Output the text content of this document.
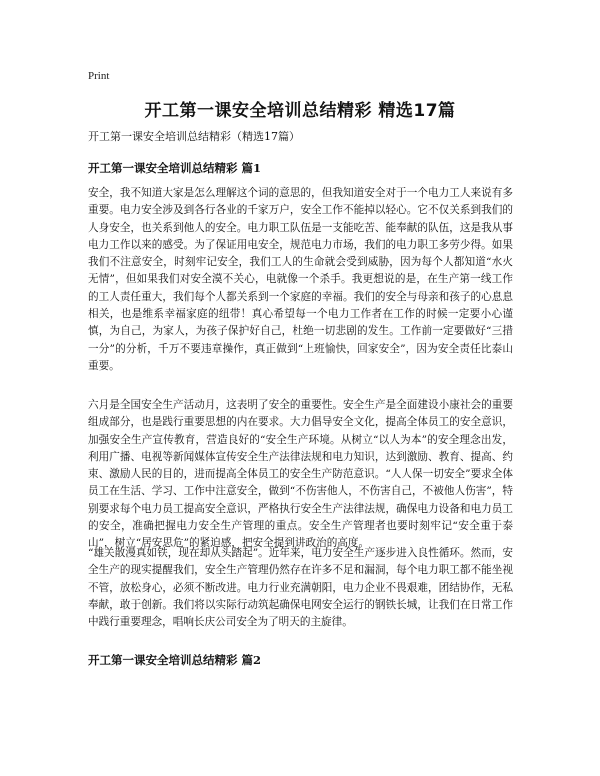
Print
开工第一课安全培训总结精彩 精选17篇
开工第一课安全培训总结精彩（精选17篇）
开工第一课安全培训总结精彩 篇1
安全，我不知道大家是怎么理解这个词的意思的，但我知道安全对于一个电力工人来说有多重要。电力安全涉及到各行各业的千家万户，安全工作不能掉以轻心。它不仅关系到我们的人身安全，也关系到他人的安全。电力职工队伍是一支能吃苦、能奉献的队伍，这是我从事电力工作以来的感受。为了保证用电安全，规范电力市场，我们的电力职工多劳少得。如果我们不注意安全，时刻牢记安全，我们工人的生命就会受到威胁，因为每个人都知道“水火无情”，但如果我们对安全漠不关心，电就像一个杀手。我更想说的是，在生产第一线工作的工人责任重大，我们每个人都关系到一个家庭的幸福。我们的安全与母亲和孩子的心息息相关，也是维系幸福家庭的纽带！真心希望每一个电力工作者在工作的时候一定要小心谨慎，为自己，为家人，为孩子保护好自己，杜绝一切悲剧的发生。工作前一定要做好“三措一分”的分析，千万不要违章操作，真正做到“上班愉快，回家安全”，因为安全责任比泰山重要。
六月是全国安全生产活动月，这表明了安全的重要性。安全生产是全面建设小康社会的重要组成部分，也是践行重要思想的内在要求。大力倡导安全文化，提高全体员工的安全意识，加强安全生产宣传教育，营造良好的“安全生产环境。从树立“以人为本”的安全理念出发，利用广播、电视等新闻媒体宣传安全生产法律法规和电力知识，达到激励、教育、提高、约束、激励人民的目的，进而提高全体员工的安全生产防范意识。“人人保一切安全”要求全体员工在生活、学习、工作中注意安全，做到“不伤害他人，不伤害自己，不被他人伤害”，特别要求每个电力员工提高安全意识，严格执行安全生产法律法规，确保电力设备和电力员工的安全，准确把握电力安全生产管理的重点。安全生产管理者也要时刻牢记“安全重于泰山”，树立“居安思危”的紧迫感，把安全提到讲政治的高度。
“雄关散漫真如铁，现在却从头踏起”。近年来，电力安全生产逐步进入良性循环。然而，安全生产的现实提醒我们，安全生产管理仍然存在许多不足和漏洞，每个电力职工都不能坐视不管，放松身心，必须不断改进。电力行业充满朝阳，电力企业不畏艰难，团结协作，无私奉献，敢于创新。我们将以实际行动筑起确保电网安全运行的钢铁长城，让我们在日常工作中践行重要理念，唱响长庆公司安全为了明天的主旋律。
开工第一课安全培训总结精彩 篇2
